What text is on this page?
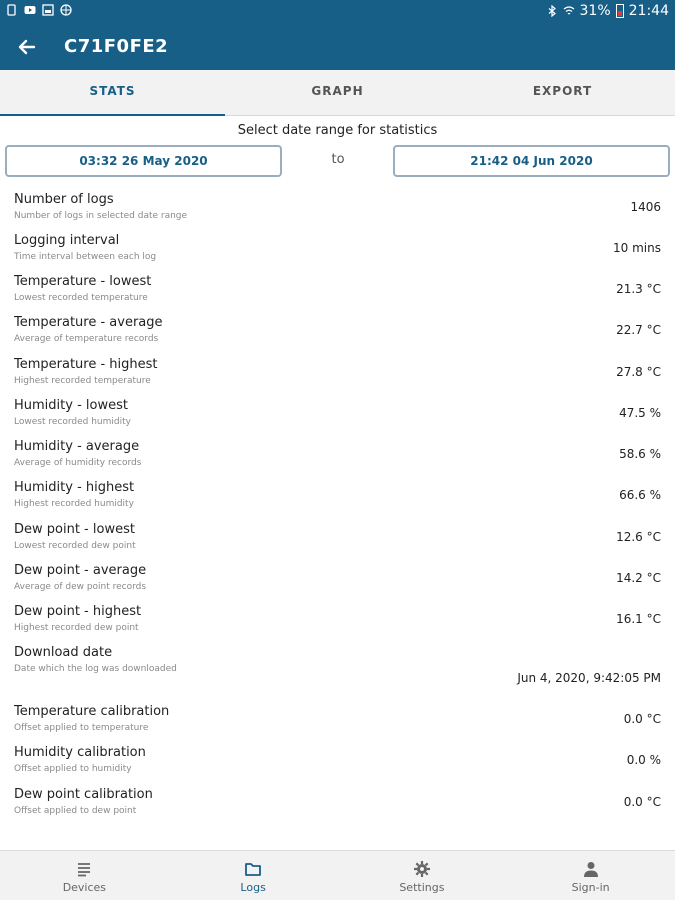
31% 21:44
C71F0FE2
STATS	GRAPH	EXPORT
Select date range for statistics
03:32 26 May 2020	to	21:42 04 Jun 2020
Number of logs
Number of logs in selected date range
1406
Logging interval
Time interval between each log
10 mins
Temperature - lowest
Lowest recorded temperature
21.3 °C
Temperature - average
Average of temperature records
22.7 °C
Temperature - highest
Highest recorded temperature
27.8 °C
Humidity - lowest
Lowest recorded humidity
47.5 %
Humidity - average
Average of humidity records
58.6 %
Humidity - highest
Highest recorded humidity
66.6 %
Dew point - lowest
Lowest recorded dew point
12.6 °C
Dew point - average
Average of dew point records
14.2 °C
Dew point - highest
Highest recorded dew point
16.1 °C
Download date
Date which the log was downloaded
Jun 4, 2020, 9:42:05 PM
Temperature calibration
Offset applied to temperature
0.0 °C
Humidity calibration
Offset applied to humidity
0.0 %
Dew point calibration
Offset applied to dew point
0.0 °C
Devices	Logs	Settings	Sign-in
